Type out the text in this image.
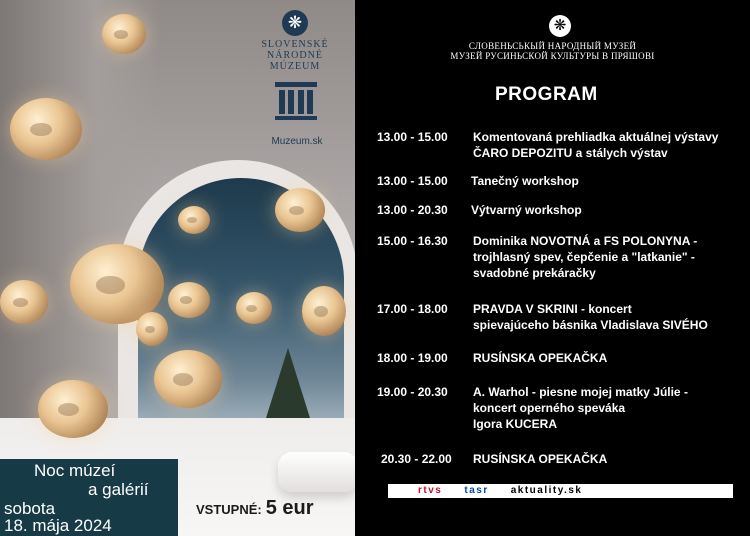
❋
SLOVENSKÉ
NÁRODNÉ
MÚZEUM
Muzeum.sk
Noc múzeí
a galérií
sobota
18. mája 2024
VSTUPNÉ: 5 eur
❋
СЛОВЕНЬСЬКЫЙ НАРОДНЫЙ МУЗЕЙ
МУЗЕЙ РУСИНЬСКОЙ КУЛЬТУРЫ В ПРЯШОВІ
PROGRAM
13.00 - 15.00 Komentovaná prehliadka aktuálnej výstavy
ČARO DEPOZITU a stálych výstav
13.00 - 15.00 Tanečný workshop
13.00 - 20.30 Výtvarný workshop
15.00 - 16.30 Dominika NOVOTNÁ a FS POLONYNA -
trojhlasný spev, čepčenie a "latkanie" -
svadobné prekáračky
17.00 - 18.00 PRAVDA V SKRINI - koncert
spievajúceho básnika Vladislava SIVÉHO
18.00 - 19.00 RUSÍNSKA OPEKAČKA
19.00 - 20.30 A. Warhol - piesne mojej matky Júlie -
koncert operného speváka
Igora KUCERA
20.30 - 22.00 RUSÍNSKA OPEKAČKA
rtvs tasr aktuality.sk
